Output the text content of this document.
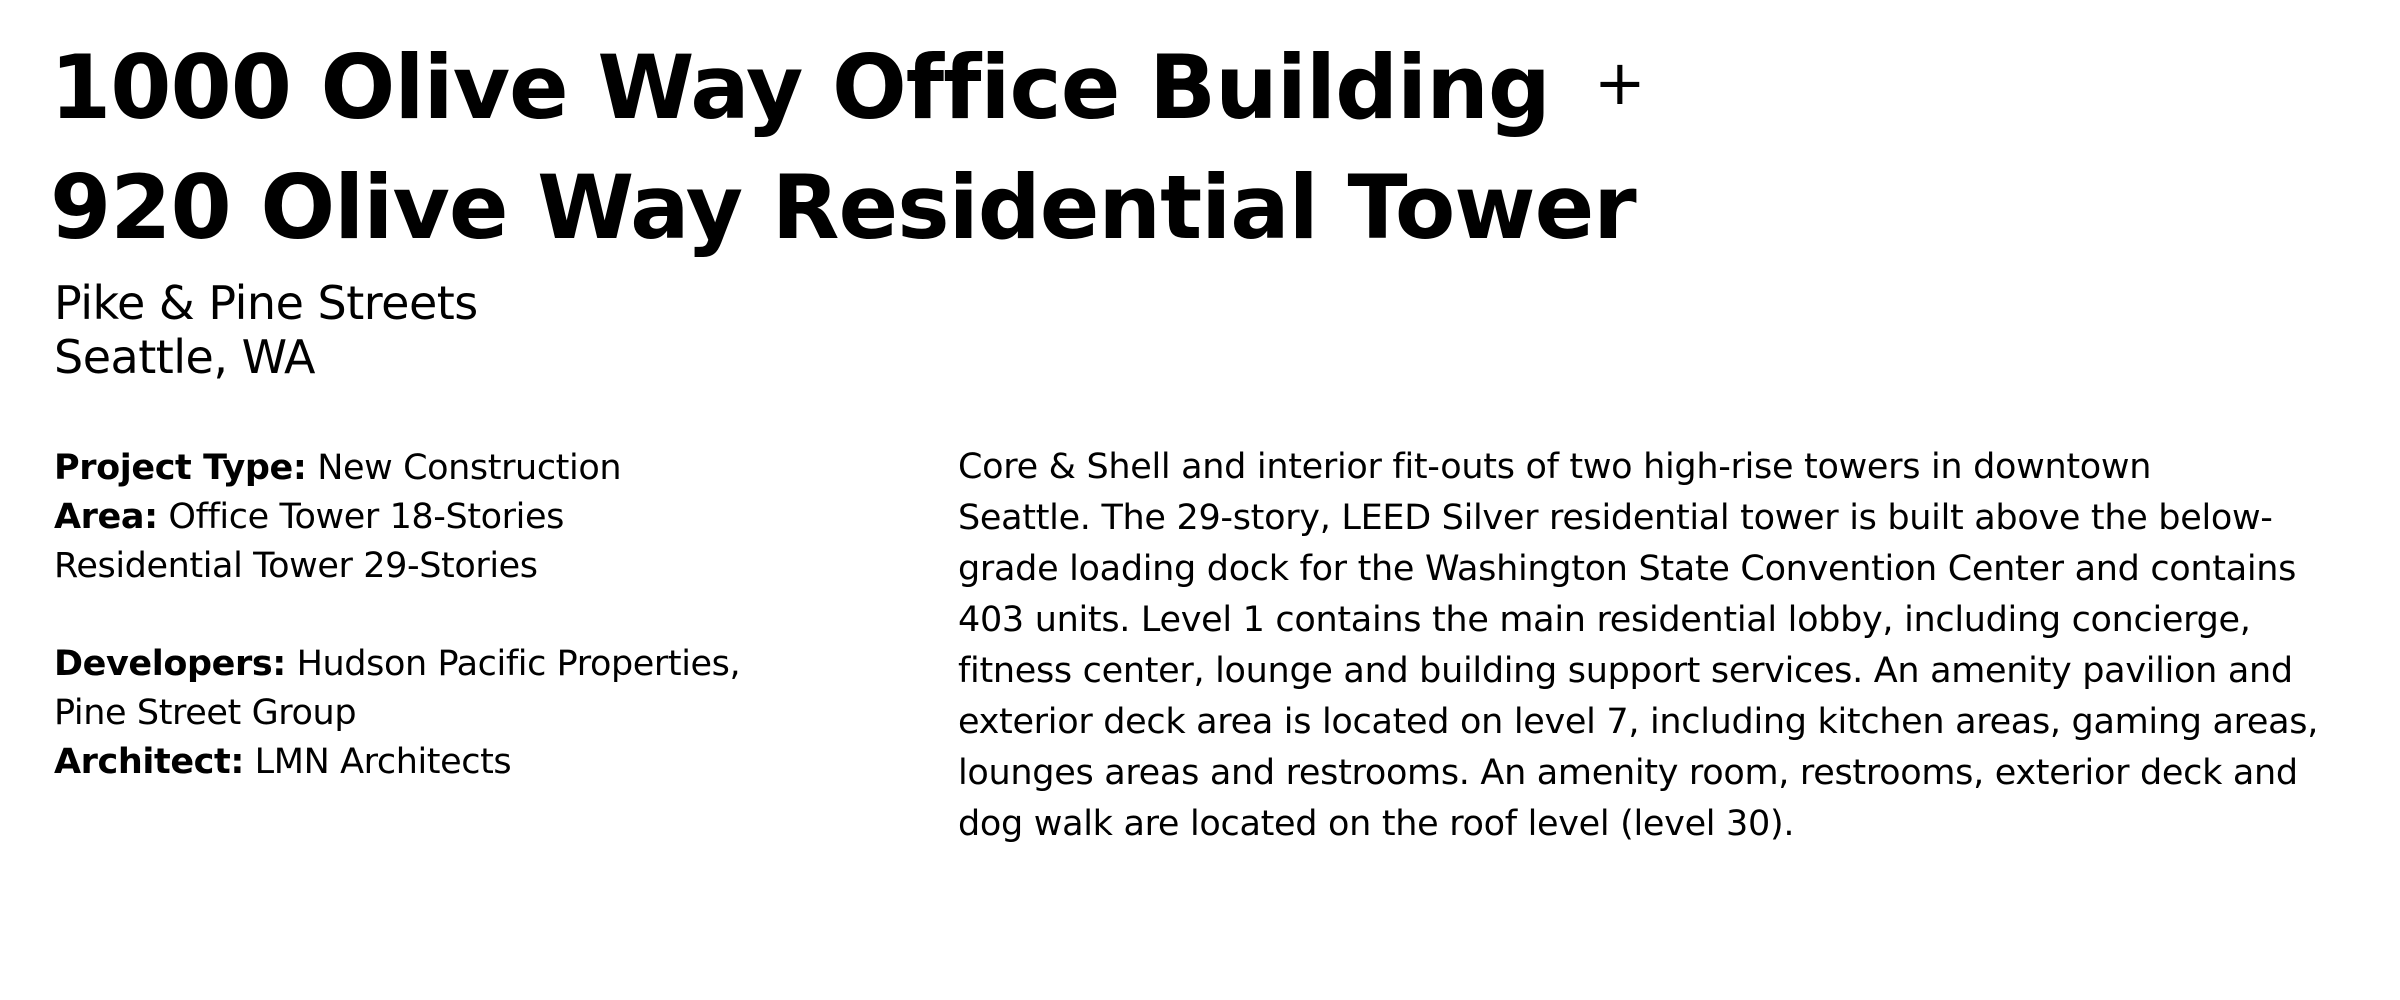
1000 Olive Way Office Building +
920 Olive Way Residential Tower
Pike & Pine Streets
Seattle, WA
Project Type: New Construction
Area: Office Tower 18-Stories
Residential Tower 29-Stories
Developers: Hudson Pacific Properties,
Pine Street Group
Architect: LMN Architects
Core & Shell and interior fit-outs of two high-rise towers in downtown
Seattle. The 29-story, LEED Silver residential tower is built above the below-
grade loading dock for the Washington State Convention Center and contains
403 units. Level 1 contains the main residential lobby, including concierge,
fitness center, lounge and building support services. An amenity pavilion and
exterior deck area is located on level 7, including kitchen areas, gaming areas,
lounges areas and restrooms. An amenity room, restrooms, exterior deck and
dog walk are located on the roof level (level 30).
